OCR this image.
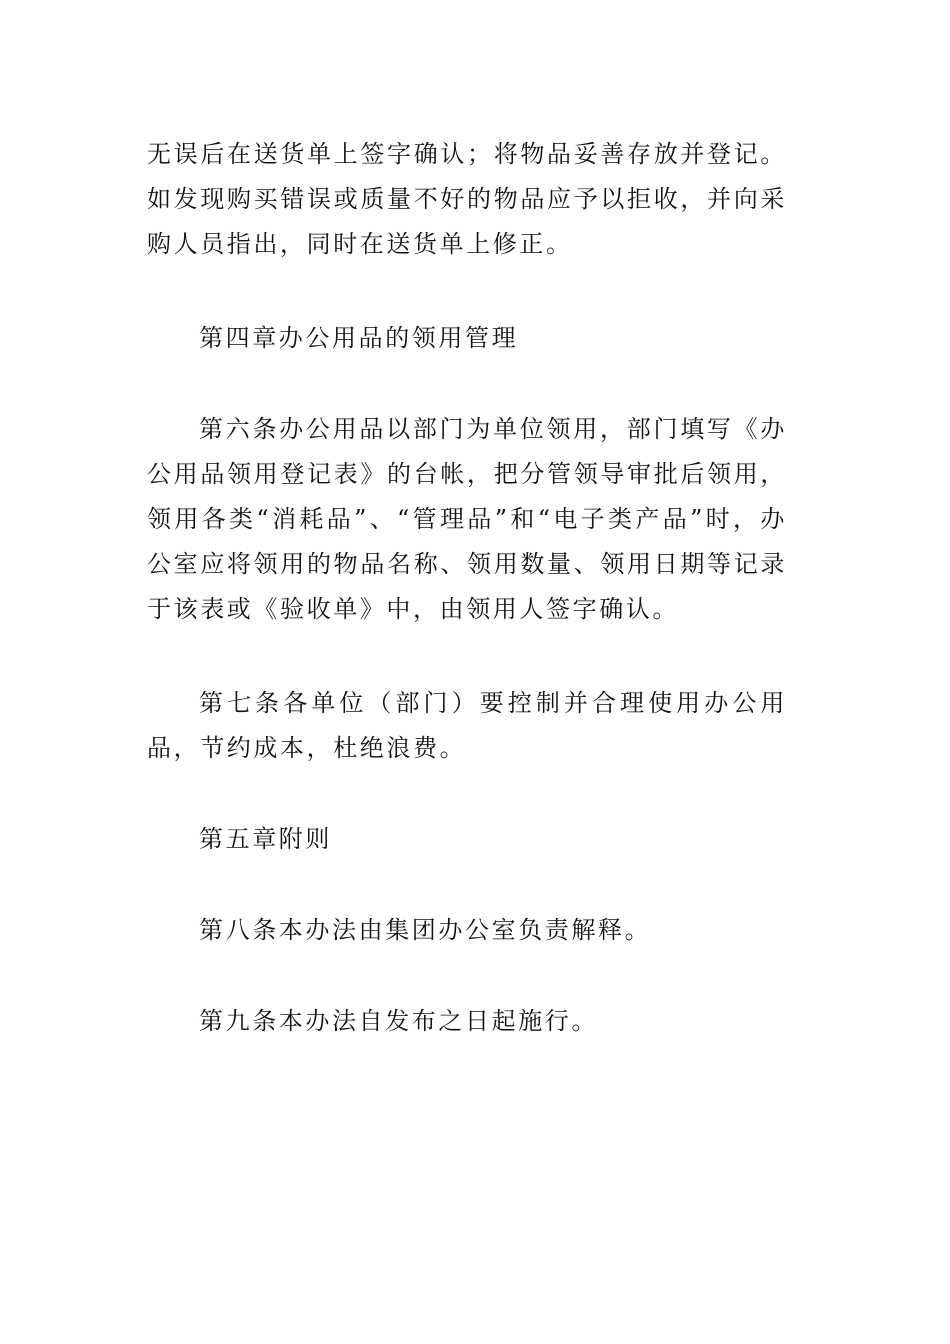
无误后在送货单上签字确认；将物品妥善存放并登记。如发现购买错误或质量不好的物品应予以拒收，并向采购人员指出，同时在送货单上修正。

第四章办公用品的领用管理

第六条办公用品以部门为单位领用，部门填写《办公用品领用登记表》的台帐，把分管领导审批后领用，领用各类“消耗品”、“管理品”和“电子类产品”时，办公室应将领用的物品名称、领用数量、领用日期等记录于该表或《验收单》中，由领用人签字确认。

第七条各单位（部门）要控制并合理使用办公用品，节约成本，杜绝浪费。

第五章附则

第八条本办法由集团办公室负责解释。

第九条本办法自发布之日起施行。
